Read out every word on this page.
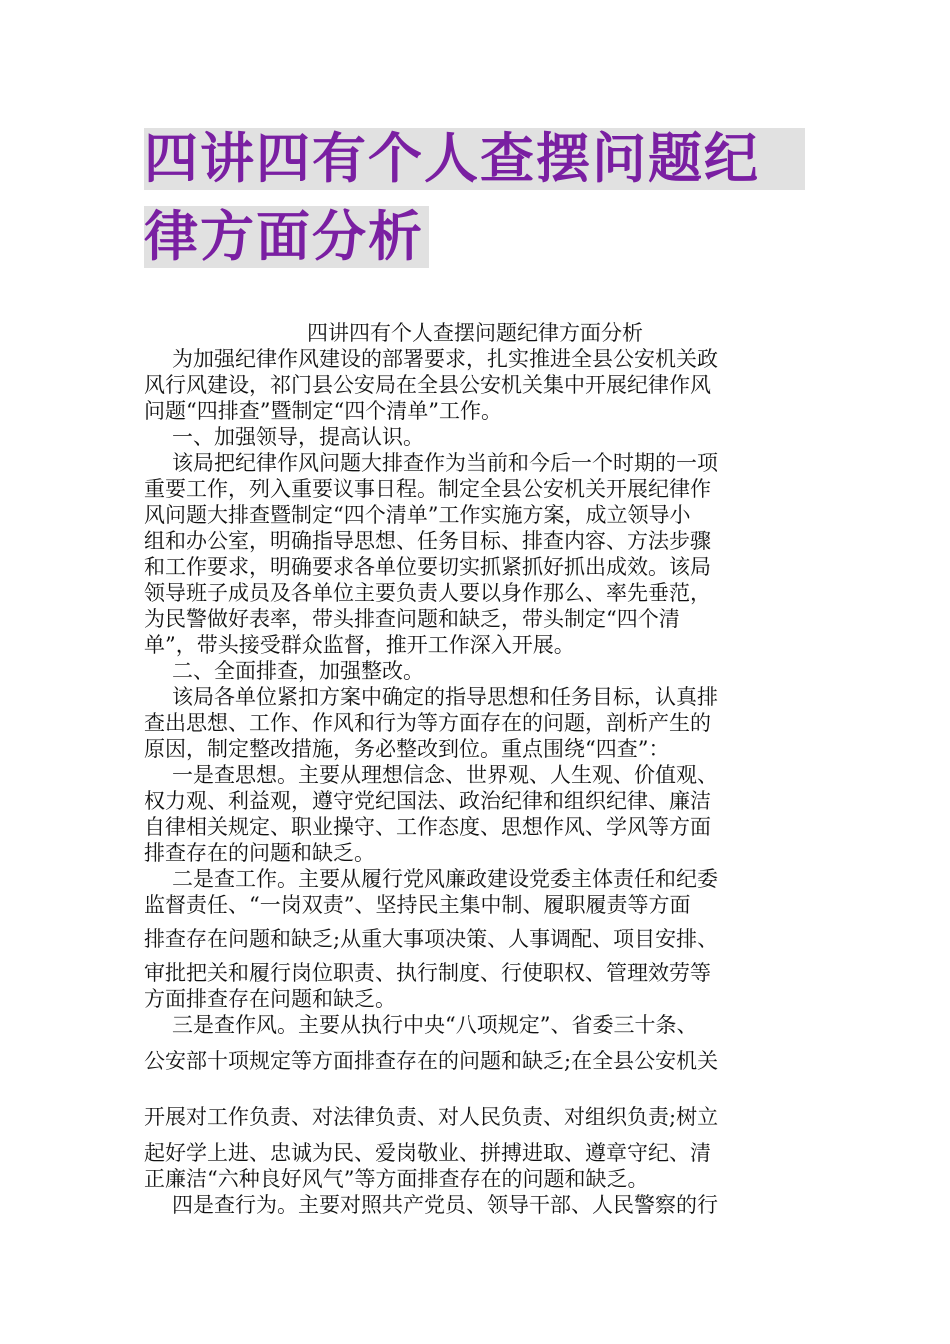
四讲四有个人查摆问题纪
律方面分析
四讲四有个人查摆问题纪律方面分析
为加强纪律作风建设的部署要求，扎实推进全县公安机关政
风行风建设，祁门县公安局在全县公安机关集中开展纪律作风
问题“四排查”暨制定“四个清单”工作。
一、加强领导，提高认识。
该局把纪律作风问题大排查作为当前和今后一个时期的一项
重要工作，列入重要议事日程。制定全县公安机关开展纪律作
风问题大排查暨制定“四个清单”工作实施方案，成立领导小
组和办公室，明确指导思想、任务目标、排查内容、方法步骤
和工作要求，明确要求各单位要切实抓紧抓好抓出成效。该局
领导班子成员及各单位主要负责人要以身作那么、率先垂范，
为民警做好表率，带头排查问题和缺乏，带头制定“四个清
单”，带头接受群众监督，推开工作深入开展。
二、全面排查，加强整改。
该局各单位紧扣方案中确定的指导思想和任务目标，认真排
查出思想、工作、作风和行为等方面存在的问题，剖析产生的
原因，制定整改措施，务必整改到位。重点围绕“四查”：
一是查思想。主要从理想信念、世界观、人生观、价值观、
权力观、利益观，遵守党纪国法、政治纪律和组织纪律、廉洁
自律相关规定、职业操守、工作态度、思想作风、学风等方面
排查存在的问题和缺乏。
二是查工作。主要从履行党风廉政建设党委主体责任和纪委
监督责任、“一岗双责”、坚持民主集中制、履职履责等方面
排查存在问题和缺乏;从重大事项决策、人事调配、项目安排、
审批把关和履行岗位职责、执行制度、行使职权、管理效劳等
方面排查存在问题和缺乏。
三是查作风。主要从执行中央“八项规定”、省委三十条、
公安部十项规定等方面排查存在的问题和缺乏;在全县公安机关
开展对工作负责、对法律负责、对人民负责、对组织负责;树立
起好学上进、忠诚为民、爱岗敬业、拼搏进取、遵章守纪、清
正廉洁“六种良好风气”等方面排查存在的问题和缺乏。
四是查行为。主要对照共产党员、领导干部、人民警察的行
